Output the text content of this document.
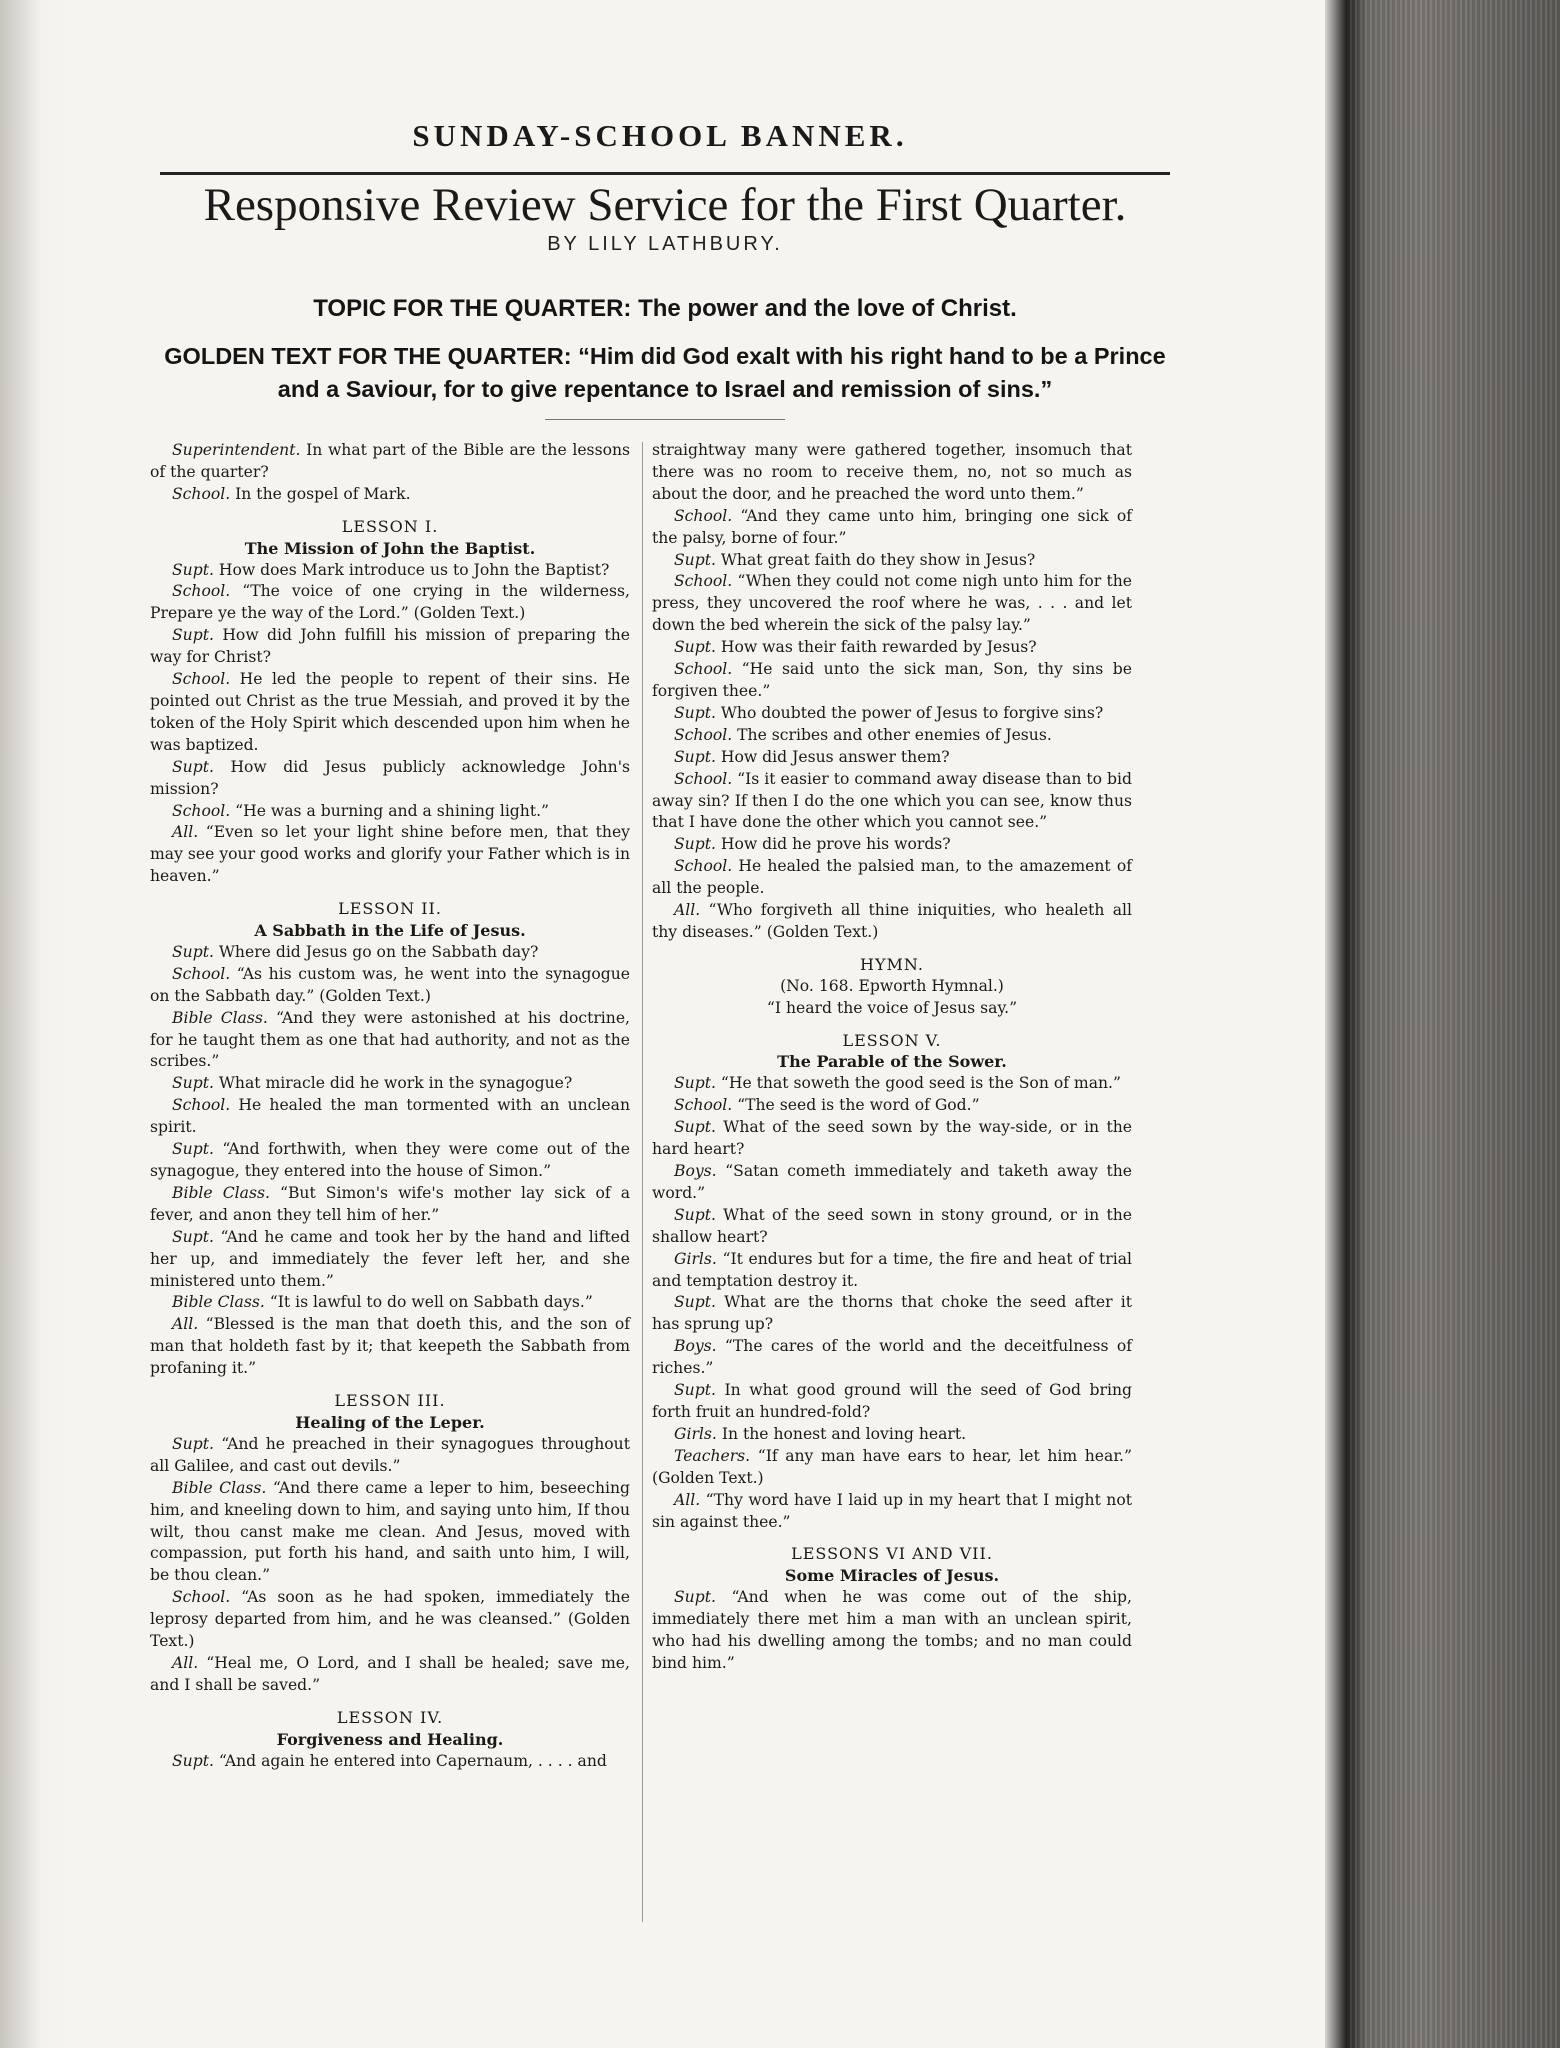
SUNDAY-SCHOOL BANNER.
Responsive Review Service for the First Quarter.
BY LILY LATHBURY.
TOPIC FOR THE QUARTER: The power and the love of Christ.
GOLDEN TEXT FOR THE QUARTER: “Him did God exalt with his right hand to be a Prince and a Saviour, for to give repentance to Israel and remission of sins.”

Superintendent. In what part of the Bible are the lessons of the quarter?

School. In the gospel of Mark.

LESSON I.

The Mission of John the Baptist.

Supt. How does Mark introduce us to John the Baptist?

School. “The voice of one crying in the wilderness, Prepare ye the way of the Lord.” (Golden Text.)

Supt. How did John fulfill his mission of preparing the way for Christ?

School. He led the people to repent of their sins. He pointed out Christ as the true Messiah, and proved it by the token of the Holy Spirit which descended upon him when he was baptized.

Supt. How did Jesus publicly acknowledge John's mission?

School. “He was a burning and a shining light.”

All. “Even so let your light shine before men, that they may see your good works and glorify your Father which is in heaven.”

LESSON II.

A Sabbath in the Life of Jesus.

Supt. Where did Jesus go on the Sabbath day?

School. “As his custom was, he went into the synagogue on the Sabbath day.” (Golden Text.)

Bible Class. “And they were astonished at his doctrine, for he taught them as one that had authority, and not as the scribes.”

Supt. What miracle did he work in the synagogue?

School. He healed the man tormented with an unclean spirit.

Supt. “And forthwith, when they were come out of the synagogue, they entered into the house of Simon.”

Bible Class. “But Simon's wife's mother lay sick of a fever, and anon they tell him of her.”

Supt. “And he came and took her by the hand and lifted her up, and immediately the fever left her, and she ministered unto them.”

Bible Class. “It is lawful to do well on Sabbath days.”

All. “Blessed is the man that doeth this, and the son of man that holdeth fast by it; that keepeth the Sabbath from profaning it.”

LESSON III.

Healing of the Leper.

Supt. “And he preached in their synagogues throughout all Galilee, and cast out devils.”

Bible Class. “And there came a leper to him, beseeching him, and kneeling down to him, and saying unto him, If thou wilt, thou canst make me clean. And Jesus, moved with compassion, put forth his hand, and saith unto him, I will, be thou clean.”

School. “As soon as he had spoken, immediately the leprosy departed from him, and he was cleansed.” (Golden Text.)

All. “Heal me, O Lord, and I shall be healed; save me, and I shall be saved.”

LESSON IV.

Forgiveness and Healing.

Supt. “And again he entered into Capernaum, . . . . and

straightway many were gathered together, insomuch that there was no room to receive them, no, not so much as about the door, and he preached the word unto them.”

School. “And they came unto him, bringing one sick of the palsy, borne of four.”

Supt. What great faith do they show in Jesus?

School. “When they could not come nigh unto him for the press, they uncovered the roof where he was, . . . and let down the bed wherein the sick of the palsy lay.”

Supt. How was their faith rewarded by Jesus?

School. “He said unto the sick man, Son, thy sins be forgiven thee.”

Supt. Who doubted the power of Jesus to forgive sins?

School. The scribes and other enemies of Jesus.

Supt. How did Jesus answer them?

School. “Is it easier to command away disease than to bid away sin? If then I do the one which you can see, know thus that I have done the other which you cannot see.”

Supt. How did he prove his words?

School. He healed the palsied man, to the amazement of all the people.

All. “Who forgiveth all thine iniquities, who healeth all thy diseases.” (Golden Text.)

HYMN.

(No. 168. Epworth Hymnal.)

“I heard the voice of Jesus say.”

LESSON V.

The Parable of the Sower.

Supt. “He that soweth the good seed is the Son of man.”

School. “The seed is the word of God.”

Supt. What of the seed sown by the way-side, or in the hard heart?

Boys. “Satan cometh immediately and taketh away the word.”

Supt. What of the seed sown in stony ground, or in the shallow heart?

Girls. “It endures but for a time, the fire and heat of trial and temptation destroy it.

Supt. What are the thorns that choke the seed after it has sprung up?

Boys. “The cares of the world and the deceitfulness of riches.”

Supt. In what good ground will the seed of God bring forth fruit an hundred-fold?

Girls. In the honest and loving heart.

Teachers. “If any man have ears to hear, let him hear.” (Golden Text.)

All. “Thy word have I laid up in my heart that I might not sin against thee.”

LESSONS VI AND VII.

Some Miracles of Jesus.

Supt. “And when he was come out of the ship, immediately there met him a man with an unclean spirit, who had his dwelling among the tombs; and no man could bind him.”
